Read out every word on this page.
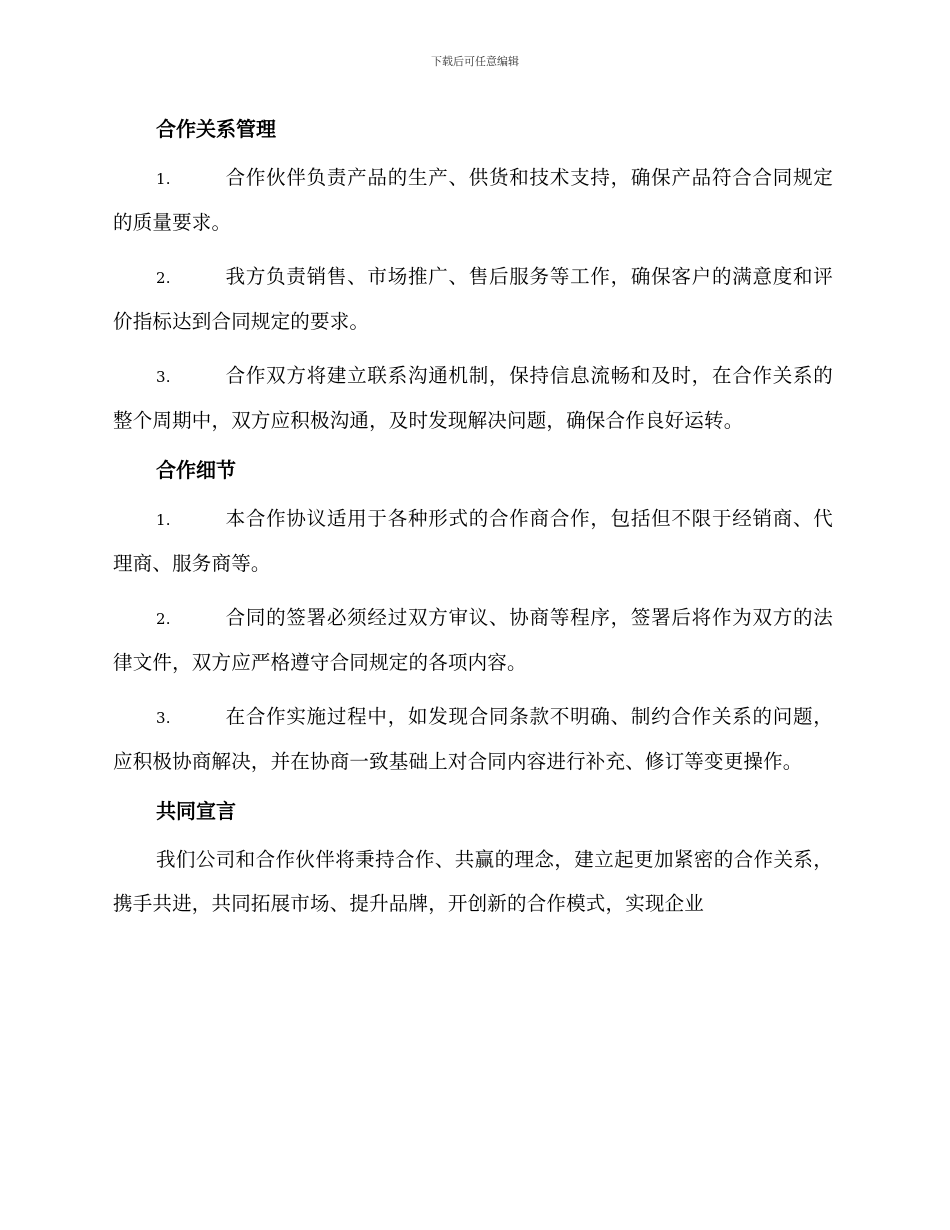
下载后可任意编辑
合作关系管理

1.	合作伙伴负责产品的生产、供货和技术支持，确保产品符合合同规定的质量要求。

2.	我方负责销售、市场推广、售后服务等工作，确保客户的满意度和评价指标达到合同规定的要求。

3.	合作双方将建立联系沟通机制，保持信息流畅和及时，在合作关系的整个周期中，双方应积极沟通，及时发现解决问题，确保合作良好运转。

合作细节

1.	本合作协议适用于各种形式的合作商合作，包括但不限于经销商、代理商、服务商等。

2.	合同的签署必须经过双方审议、协商等程序，签署后将作为双方的法律文件，双方应严格遵守合同规定的各项内容。

3.	在合作实施过程中，如发现合同条款不明确、制约合作关系的问题，应积极协商解决，并在协商一致基础上对合同内容进行补充、修订等变更操作。

共同宣言

我们公司和合作伙伴将秉持合作、共赢的理念，建立起更加紧密的合作关系，携手共进，共同拓展市场、提升品牌，开创新的合作模式，实现企业
